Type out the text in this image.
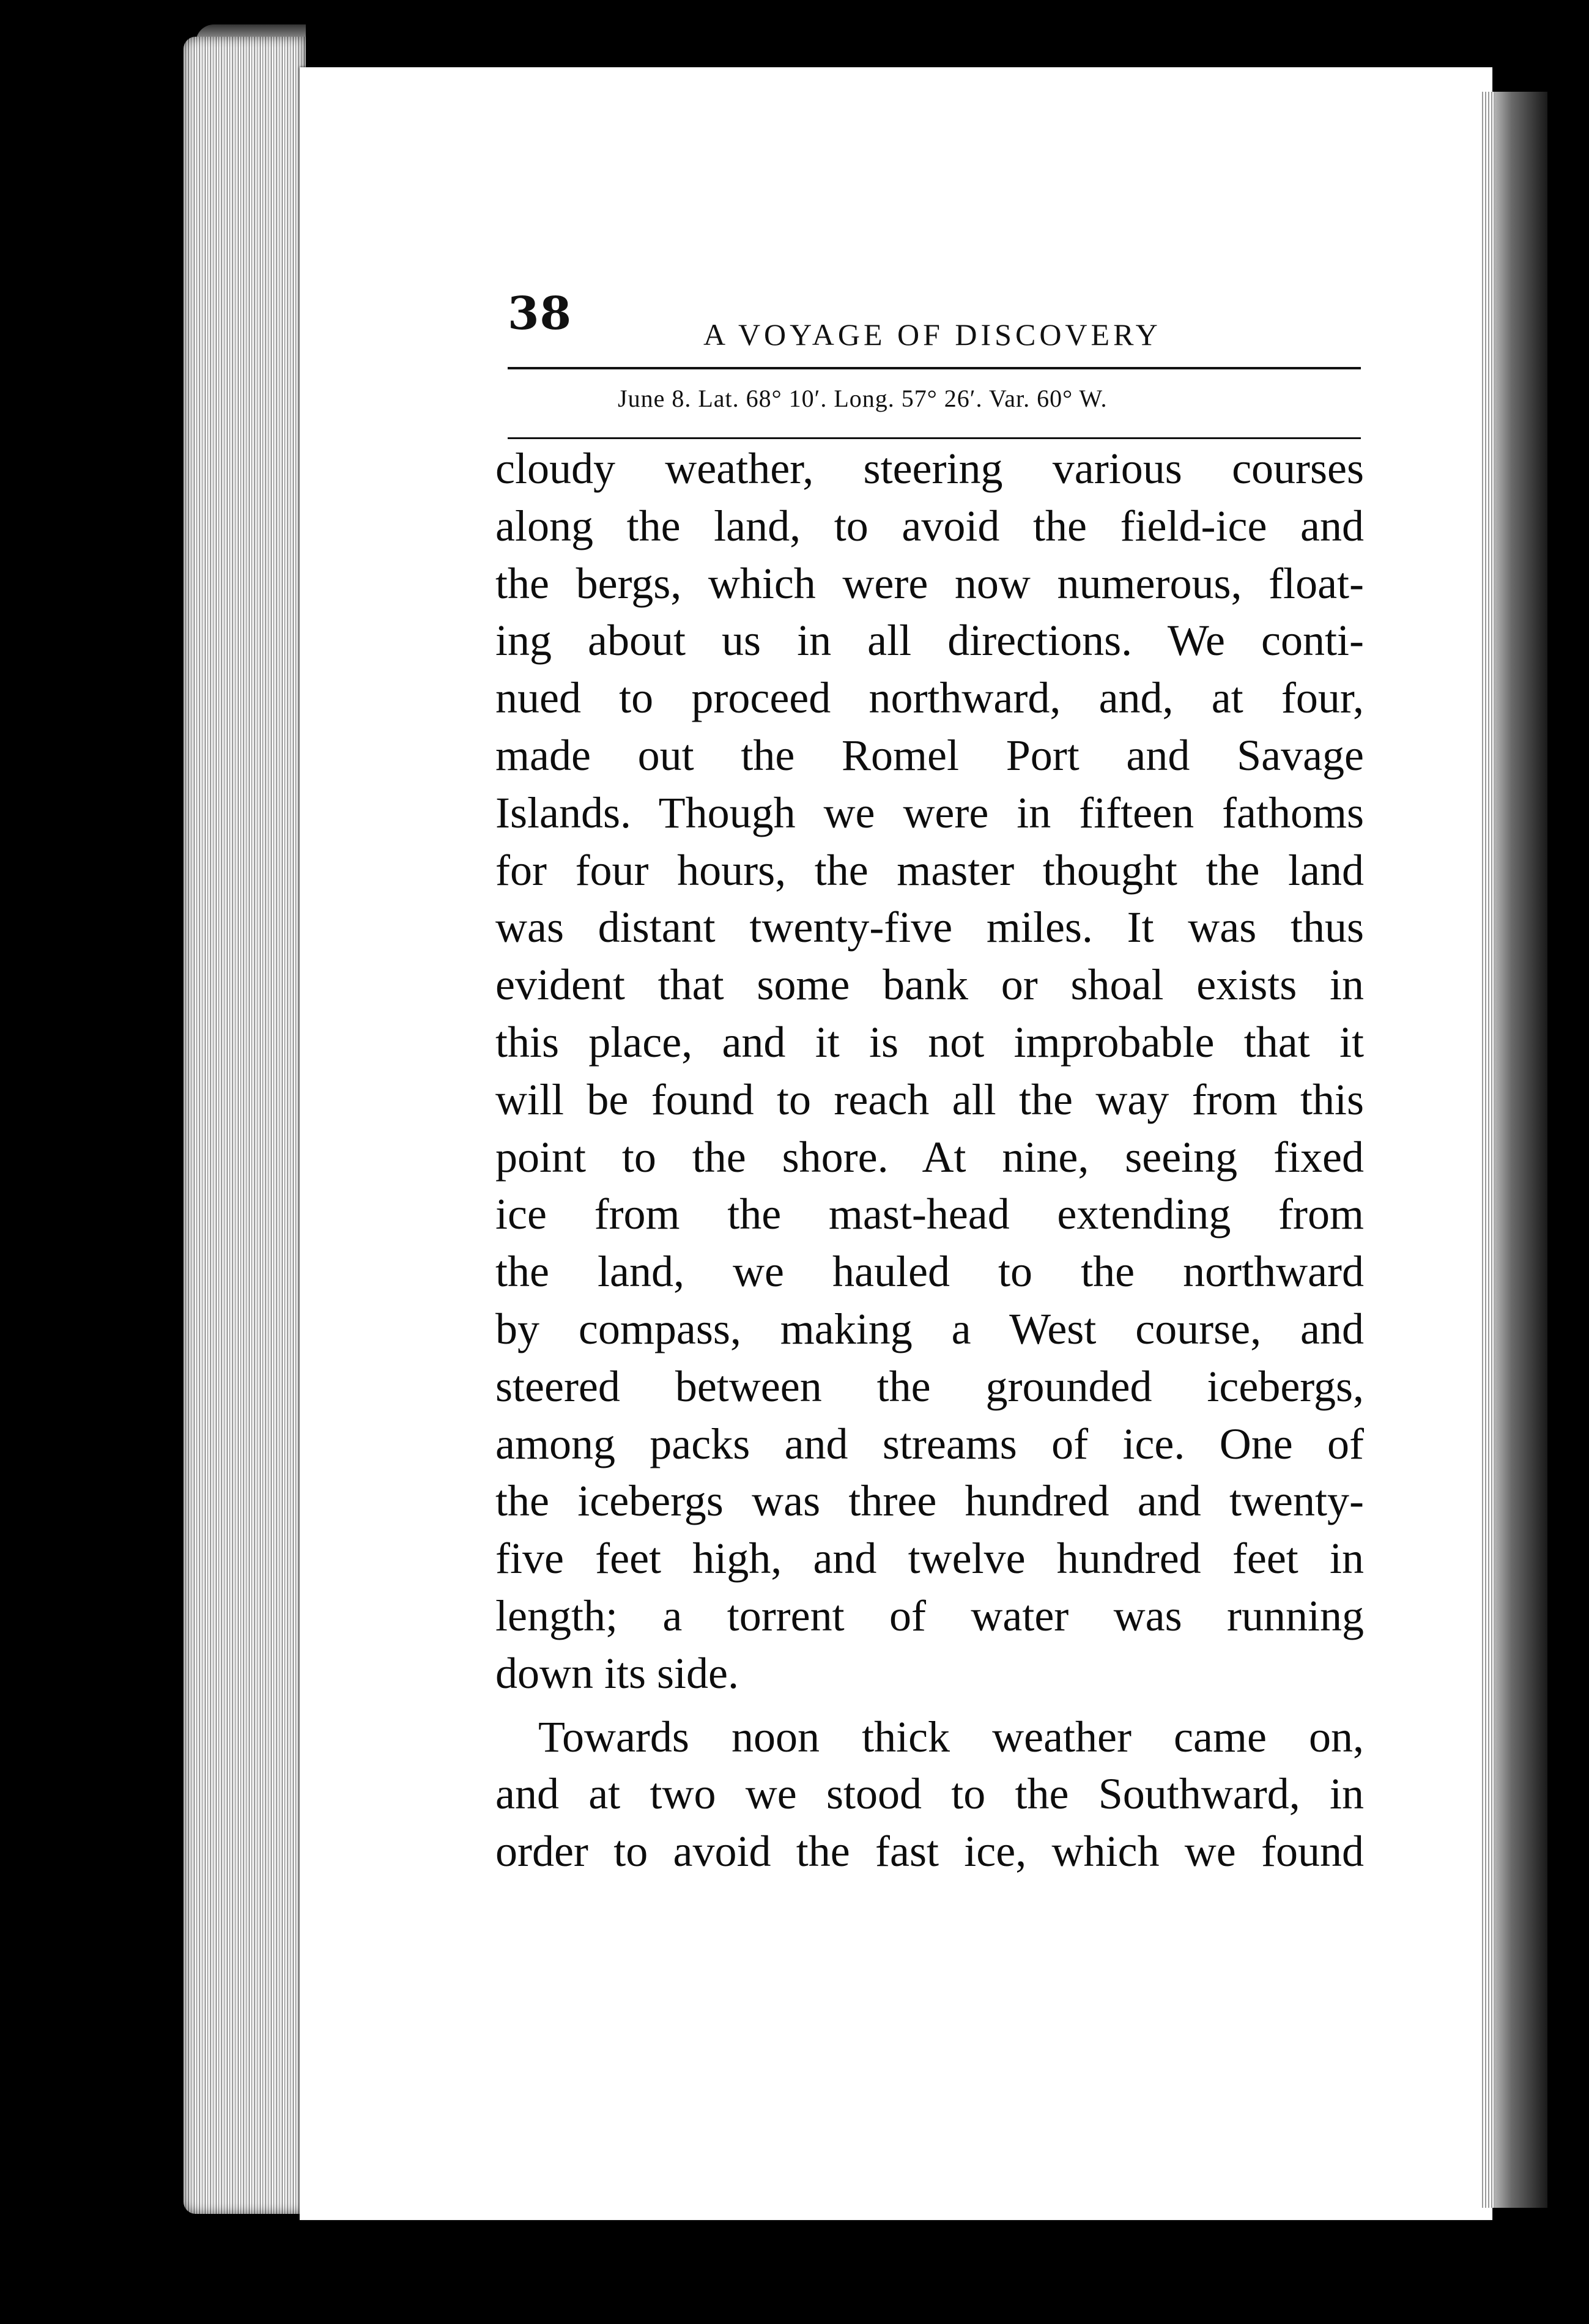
38	A VOYAGE OF DISCOVERY
June 8. Lat. 68° 10′. Long. 57° 26′. Var. 60° W.
cloudy weather, steering various courses
along the land, to avoid the field-ice and
the bergs, which were now numerous, float-
ing about us in all directions. We conti-
nued to proceed northward, and, at four,
made out the Romel Port and Savage
Islands. Though we were in fifteen fathoms
for four hours, the master thought the land
was distant twenty-five miles. It was thus
evident that some bank or shoal exists in
this place, and it is not improbable that it
will be found to reach all the way from this
point to the shore. At nine, seeing fixed
ice from the mast-head extending from
the land, we hauled to the northward
by compass, making a West course, and
steered between the grounded icebergs,
among packs and streams of ice. One of
the icebergs was three hundred and twenty-
five feet high, and twelve hundred feet in
length; a torrent of water was running
down its side.
Towards noon thick weather came on,
and at two we stood to the Southward, in
order to avoid the fast ice, which we found
